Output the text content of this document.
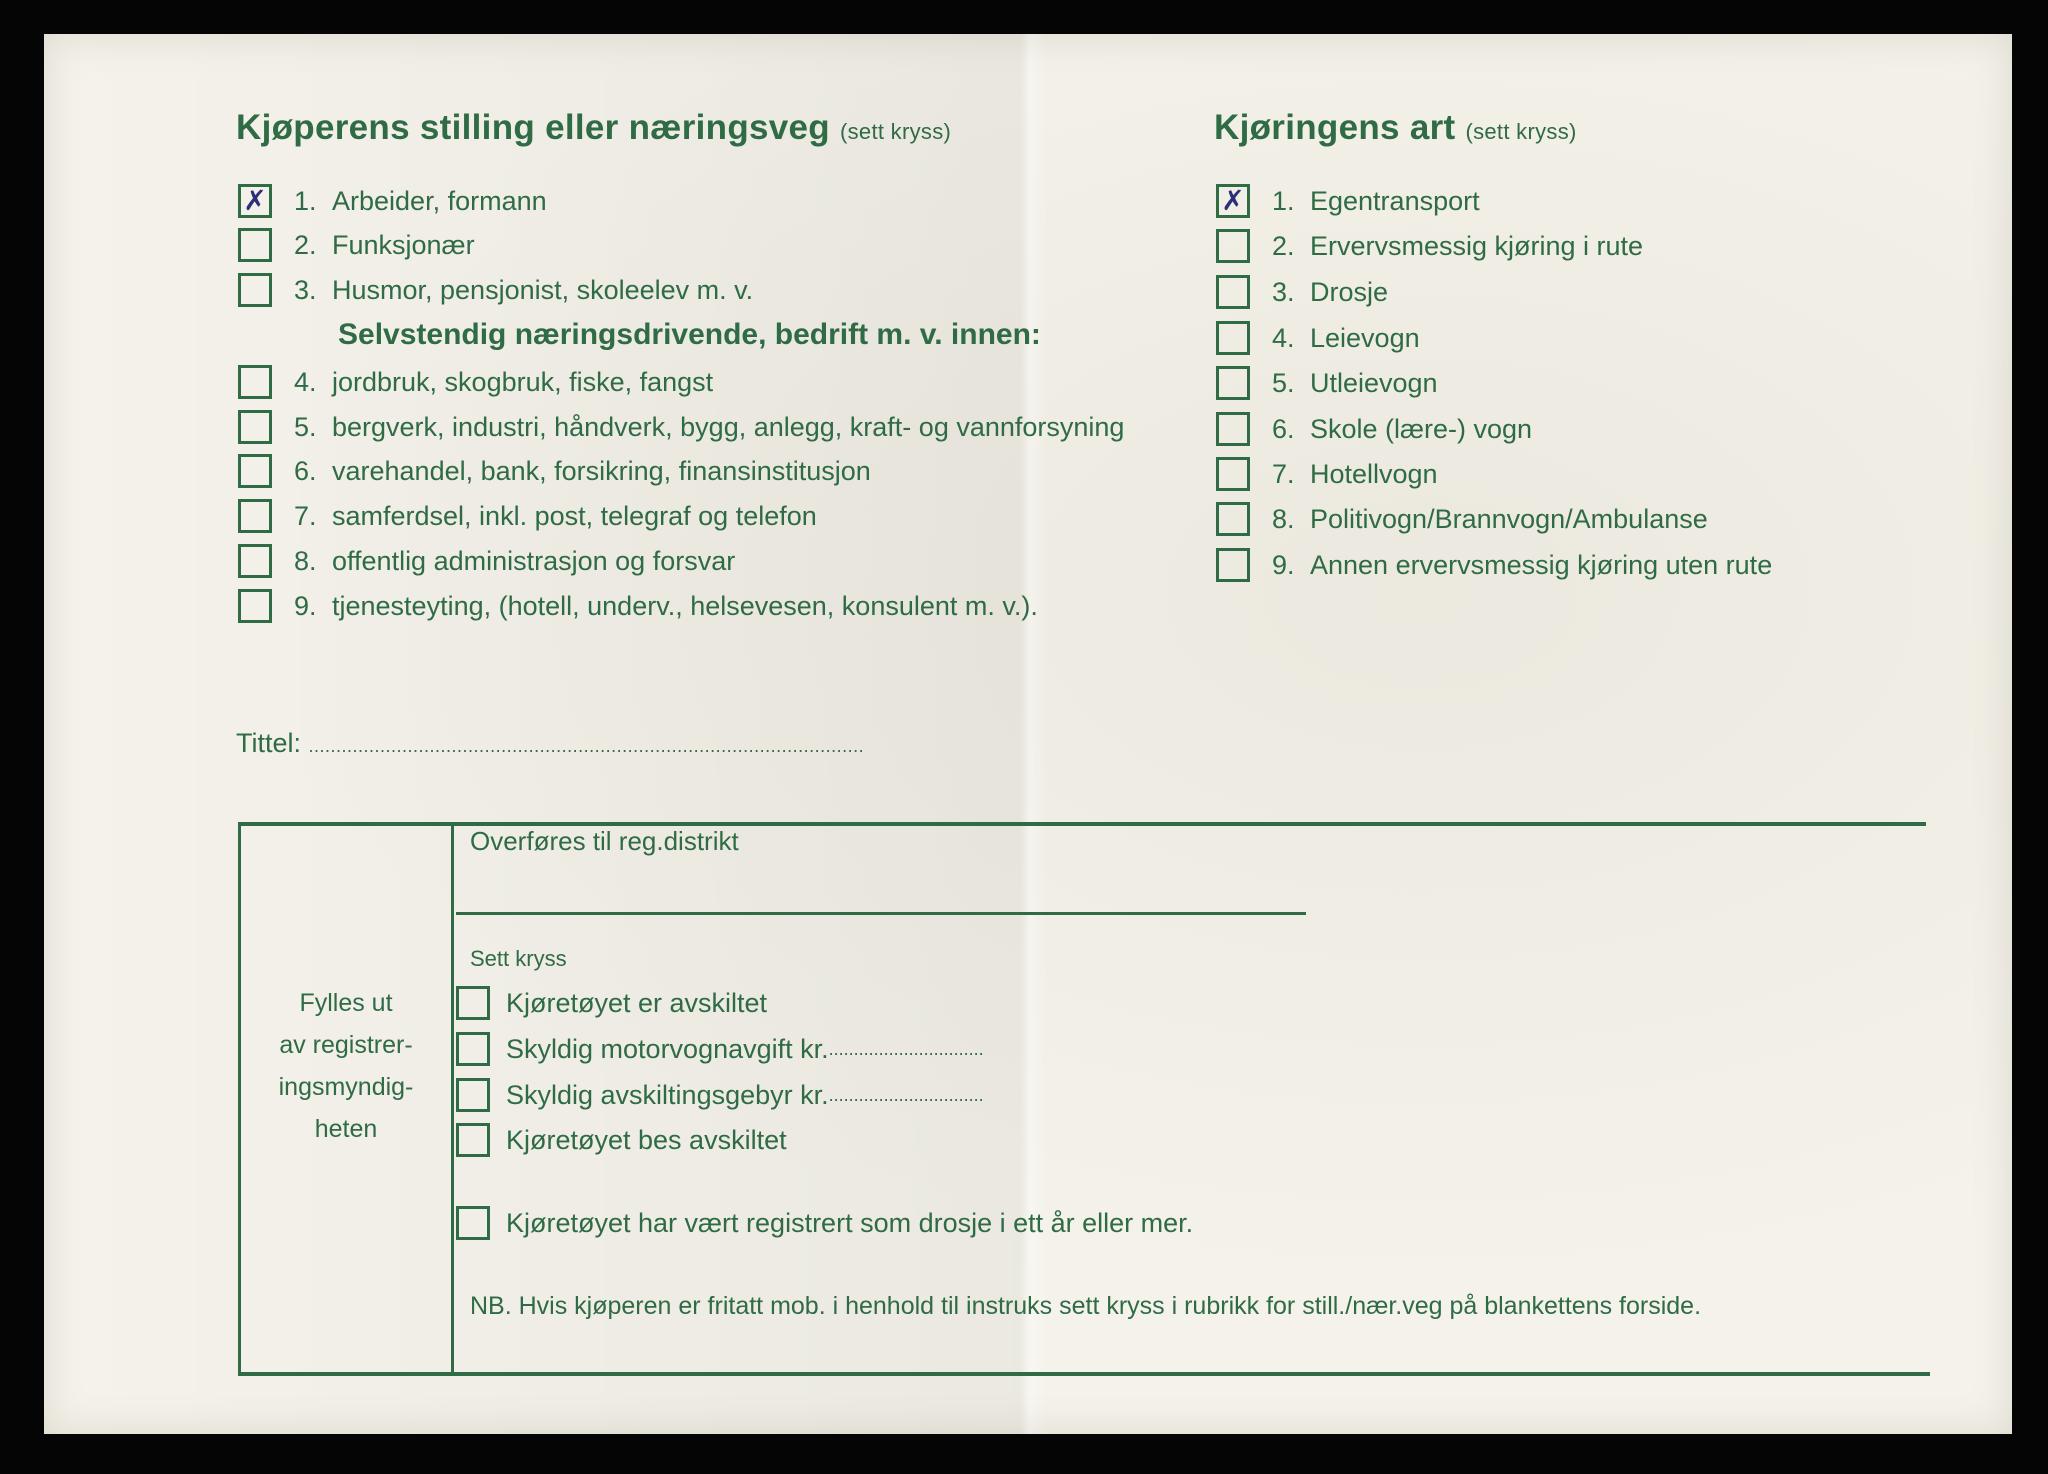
Kjøperens stilling eller næringsveg (sett kryss)
✗ 1. Arbeider, formann
2. Funksjonær
3. Husmor, pensjonist, skoleelev m. v.
Selvstendig næringsdrivende, bedrift m. v. innen:
4. jordbruk, skogbruk, fiske, fangst
5. bergverk, industri, håndverk, bygg, anlegg, kraft- og vannforsyning
6. varehandel, bank, forsikring, finansinstitusjon
7. samferdsel, inkl. post, telegraf og telefon
8. offentlig administrasjon og forsvar
9. tjenesteyting, (hotell, underv., helsevesen, konsulent m. v.).
Tittel: .....................................................................................................
Kjøringens art (sett kryss)
✗ 1. Egentransport
2. Ervervsmessig kjøring i rute
3. Drosje
4. Leievogn
5. Utleievogn
6. Skole (lære-) vogn
7. Hotellvogn
8. Politivogn/Brannvogn/Ambulanse
9. Annen ervervsmessig kjøring uten rute
Fylles ut
av registrer-
ingsmyndig-
heten
Overføres til reg.distrikt
Sett kryss
Kjøretøyet er avskiltet
Skyldig motorvognavgift kr. ...............................
Skyldig avskiltingsgebyr kr. ...............................
Kjøretøyet bes avskiltet
Kjøretøyet har vært registrert som drosje i ett år eller mer.
NB. Hvis kjøperen er fritatt mob. i henhold til instruks sett kryss i rubrikk for still./nær.veg på blankettens forside.
